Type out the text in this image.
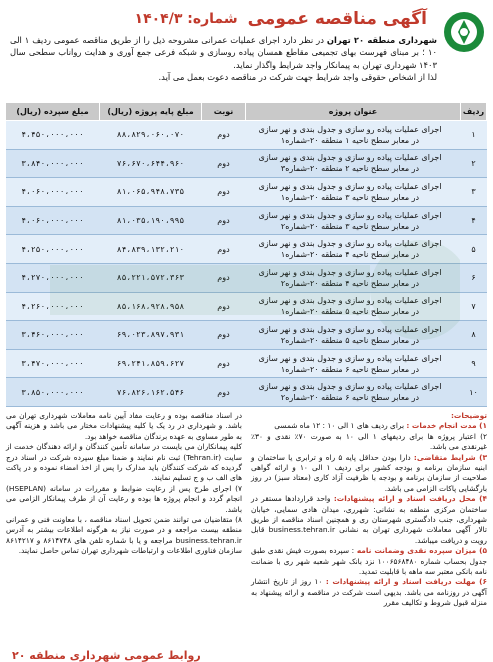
آگهی مناقصه عمومی
شماره: ۱۴۰۴/۳
شهرداری منطقه ۲۰ تهران در نظر دارد اجرای عملیات عمرانی مشروحه ذیل را از طریق مناقصه عمومی ردیف ۱ الی ۱۰ ؛ بر مبنای فهرست بهای تجمیعی مقاطع همسان پیاده روسازی و شبکه فرعی جمع آوری و هدایت رواناب سطحی سال ۱۴۰۳ شهرداری تهران به پیمانکار واجد شرایط واگذار نماید.
لذا از اشخاص حقوقی واجد شرایط جهت شرکت در مناقصه دعوت بعمل می آید.
ردیف	عنوان پروژه	نوبت	مبلغ پایه پروژه (ریال)	مبلغ سپرده (ریال)
۱	اجرای عملیات پیاده رو سازی و جدول بندی و نهر سازی
در معابر سطح ناحیه ۱ منطقه ۲۰-شماره۱	دوم	۸۸،۸۲۹،۰۶۰،۰۷۰	۴،۴۵۰،۰۰۰،۰۰۰
۲	اجرای عملیات پیاده رو سازی و جدول بندی و نهر سازی
در معابر سطح ناحیه ۲ منطقه ۲۰-شماره۳	دوم	۷۶،۶۷۰،۶۴۴،۹۶۰	۳،۸۴۰،۰۰۰،۰۰۰
۳	اجرای عملیات پیاده رو سازی و جدول بندی و نهر سازی
در معابر سطح ناحیه ۳ منطقه ۲۰-شماره۱	دوم	۸۱،۰۶۵،۹۴۸،۷۳۵	۴،۰۶۰،۰۰۰،۰۰۰
۴	اجرای عملیات پیاده رو سازی و جدول بندی و نهر سازی
در معابر سطح ناحیه ۳ منطقه ۲۰-شماره۲	دوم	۸۱،۰۳۵،۱۹۰،۹۹۵	۴،۰۶۰،۰۰۰،۰۰۰
۵	اجرای عملیات پیاده رو سازی و جدول بندی و نهر سازی
در معابر سطح ناحیه ۴ منطقه ۲۰-شماره۱	دوم	۸۴،۸۳۹،۱۳۲،۲۱۰	۴،۲۵۰،۰۰۰،۰۰۰
۶	اجرای عملیات پیاده رو سازی و جدول بندی و نهر سازی
در معابر سطح ناحیه ۴ منطقه ۲۰-شماره۲	دوم	۸۵،۲۲۱،۵۷۲،۳۶۳	۴،۲۷۰،۰۰۰،۰۰۰
۷	اجرای عملیات پیاده رو سازی و جدول بندی و نهر سازی
در معابر سطح ناحیه ۵ منطقه ۲۰-شماره۱	دوم	۸۵،۱۶۸،۹۲۸،۹۵۸	۴،۲۶۰،۰۰۰،۰۰۰
۸	اجرای عملیات پیاده رو سازی و جدول بندی و نهر سازی
در معابر سطح ناحیه ۵ منطقه ۲۰-شماره۲	دوم	۶۹،۰۲۳،۸۹۷،۹۳۱	۳،۴۶۰،۰۰۰،۰۰۰
۹	اجرای عملیات پیاده رو سازی و جدول بندی و نهر سازی
در معابر سطح ناحیه ۶ منطقه ۲۰-شماره۱	دوم	۶۹،۲۴۱،۸۵۹،۶۲۷	۳،۴۷۰،۰۰۰،۰۰۰
۱۰	اجرای عملیات پیاده رو سازی و جدول بندی و نهر سازی
در معابر سطح ناحیه ۶ منطقه ۲۰-شماره۲	دوم	۷۶،۸۲۶،۱۶۲،۵۴۶	۳،۸۵۰،۰۰۰،۰۰۰
توضیحات:
۱) مدت انجام خدمات : برای ردیف های ۱ الی ۱۰ : ۱۲ ماه شمسی
۲) اعتبار پروژه ها برای ردیفهای ۱ الی ۱۰ به صورت ۷۰٪ نقدی و ۳۰٪ غیرنقدی می باشد.
۳) شرایط متقاضی: دارا بودن حداقل پایه ۵ راه و ترابری یا ساختمان و ابنیه سازمان برنامه و بودجه کشور برای ردیف ۱ الی ۱۰ و ارائه گواهی صلاحیت از سازمان برنامه و بودجه با ظرفیت آزاد کاری (معتاد سبز) در روز بارگشایی پاکات الزامی می باشد.
۴) محل دریافت اسناد و ارائه پیشنهادات: واحد قراردادها مستقر در ساختمان مرکزی منطقه به نشانی: شهرری، میدان هادی سمایی، خیابان شهرداری، جنب دادگستری شهرستان ری و همچنین اسناد مناقصه از طریق تالار آگهی معاملات شهرداری تهران به نشانی business.tehran.ir قابل رویت و دریافت میباشد.
۵) میزان سپرده نقدی وضمانت نامه : سپرده بصورت فیش نقدی طبق جدول بحساب شماره ۱۰۰۶۵۶۸۴۸۰ نزد بانک شهر شعبه شهر ری با ضمانت نامه بانکی معتبر سه ماهه با قابلیت تمدید.
۶) مهلت دریافت اسناد و ارائه پیشنهادات : ۱۰ روز از تاریخ انتشار آگهی در روزنامه می باشد. بدیهی است شرکت در مناقصه و ارائه پیشنهاد به منزله قبول شروط و تکالیف مقرر
در اسناد مناقصه بوده و رعایت مفاد آیین نامه معاملات شهرداری تهران می باشد. و شهرداری در رد یک یا کلیه پیشنهادات مختار می باشد و هزینه آگهی به طور مساوی به عهده برندگان مناقصه خواهد بود.
کلیه پیمانکاران می بایست در سامانه تأمین کنندگان و ارائه دهندگان خدمت از سایت (Tehran.ir) ثبت نام نمایند و ضمنا مبلغ سپرده شرکت در اسناد درج گردیده که شرکت کنندگان باید مدارک را پس از اخذ امضاء نموده و در پاکت های الف ب و ج تسلیم نمایند.
۷) اجرای طرح پس از رعایت ضوابط و مقررات در سامانه (HSEPLAN) انجام گردد و انجام پروژه ها بوده و رعایت آن از طرف پیمانکار الزامی می باشد.
۸) متقاضیان می توانند ضمن تحویل اسناد مناقصه ، با معاونت فنی و عمرانی منطقه بیست مراجعه و در صورت نیاز به هرگونه اطلاعات بیشتر به آدرس business.tehran.ir مراجعه و یا با شماره تلفن های ۸۶۱۴۷۴۸ و ۸۶۱۴۲۱۷ سازمان فناوری اطلاعات و ارتباطات شهرداری تهران تماس حاصل نمایند.
روابط عمومی شهرداری منطقه ۲۰
